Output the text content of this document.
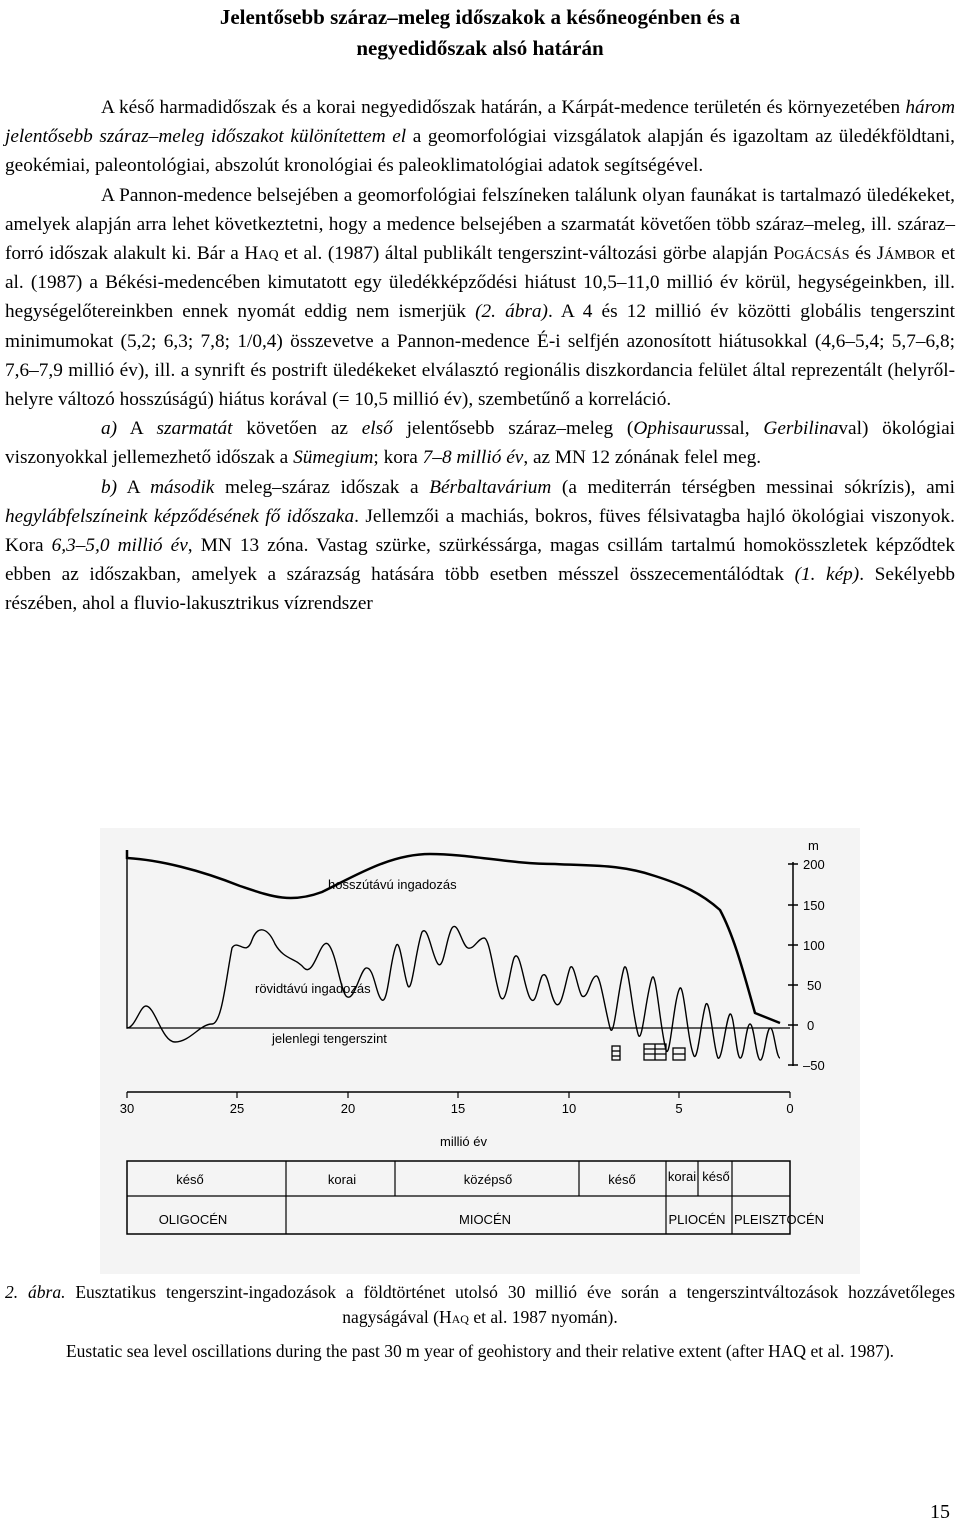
Jelentősebb száraz–meleg időszakok a későneogénben és a
negyedidőszak alsó határán

A késő harmadidőszak és a korai negyedidőszak határán, a Kárpát-medence területén és környezetében három jelentősebb száraz–meleg időszakot különítettem el a geomorfológiai vizsgálatok alapján és igazoltam az üledékföldtani, geokémiai, paleontológiai, abszolút kronológiai és paleoklimatológiai adatok segítségével.

A Pannon-medence belsejében a geomorfológiai felszíneken találunk olyan faunákat is tartalmazó üledékeket, amelyek alapján arra lehet következtetni, hogy a medence belsejében a szarmatát követően több száraz–meleg, ill. száraz–forró időszak alakult ki. Bár a Haq et al. (1987) által publikált tengerszint-változási görbe alapján Pogácsás és Jámbor et al. (1987) a Békési-medencében kimutatott egy üledékképződési hiátust 10,5–11,0 millió év körül, hegységeinkben, ill. hegységelőtereinkben ennek nyomát eddig nem ismerjük (2. ábra). A 4 és 12 millió év közötti globális tengerszint minimumokat (5,2; 6,3; 7,8; 1/0,4) összevetve a Pannon-medence É-i selfjén azonosított hiátusokkal (4,6–5,4; 5,7–6,8; 7,6–7,9 millió év), ill. a synrift és postrift üledékeket elválasztó regionális diszkordancia felület által reprezentált (helyről-helyre változó hosszúságú) hiátus korával (= 10,5 millió év), szembetűnő a korreláció.

a) A szarmatát követően az első jelentősebb száraz–meleg (Ophisaurussal, Gerbilinaval) ökológiai viszonyokkal jellemezhető időszak a Sümegium; kora 7–8 millió év, az MN 12 zónának felel meg.

b) A második meleg–száraz időszak a Bérbaltavárium (a mediterrán térségben messinai sókrízis), ami hegylábfelszíneink képződésének fő időszaka. Jellemzői a machiás, bokros, füves félsivatagba hajló ökológiai viszonyok. Kora 6,3–5,0 millió év, MN 13 zóna. Vastag szürke, szürkéssárga, magas csillám tartalmú homokösszletek képződtek ebben az időszakban, amelyek a szárazság hatására több esetben mésszel összecementálódtak (1. kép). Sekélyebb részében, ahol a fluvio-lakusztrikus vízrendszer

m
200
150
100
50
0
–50
hosszútávú ingadozás
rövidtávú ingadozás
jelenlegi tengerszint
30	25	20	15	10	5	0
millió év
késő	korai	középső	késő korai késő
OLIGOCÉN	MIOCÉN	PLIOCÉN PLEISZTOCÉN

2. ábra. Eusztatikus tengerszint-ingadozások a földtörténet utolsó 30 millió éve során a tengerszintváltozások hozzávetőleges nagyságával (Haq et al. 1987 nyomán).

Eustatic sea level oscillations during the past 30 m year of geohistory and their relative extent (after HAQ et al. 1987).

15
